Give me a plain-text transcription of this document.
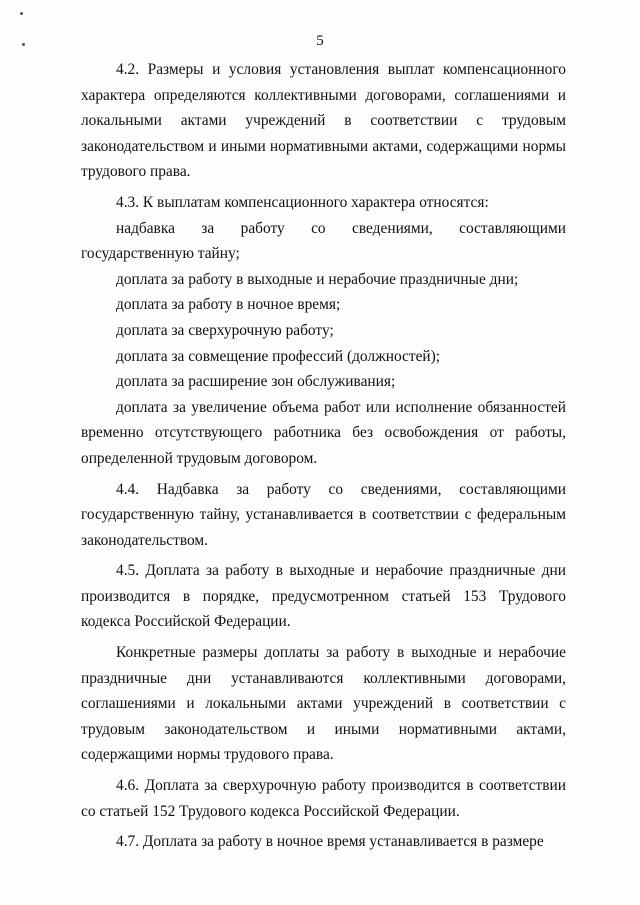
5

4.2. Размеры и условия установления выплат компенсационного характера определяются коллективными договорами, соглашениями и локальными актами учреждений в соответствии с трудовым законодательством и иными нормативными актами, содержащими нормы трудового права.

4.3. К выплатам компенсационного характера относятся:

надбавка за работу со сведениями, составляющими государственную тайну;

доплата за работу в выходные и нерабочие праздничные дни;

доплата за работу в ночное время;

доплата за сверхурочную работу;

доплата за совмещение профессий (должностей);

доплата за расширение зон обслуживания;

доплата за увеличение объема работ или исполнение обязанностей временно отсутствующего работника без освобождения от работы, определенной трудовым договором.

4.4. Надбавка за работу со сведениями, составляющими государственную тайну, устанавливается в соответствии с федеральным законодательством.

4.5. Доплата за работу в выходные и нерабочие праздничные дни производится в порядке, предусмотренном статьей 153 Трудового кодекса Российской Федерации.

Конкретные размеры доплаты за работу в выходные и нерабочие праздничные дни устанавливаются коллективными договорами, соглашениями и локальными актами учреждений в соответствии с трудовым законодательством и иными нормативными актами, содержащими нормы трудового права.

4.6. Доплата за сверхурочную работу производится в соответствии со статьей 152 Трудового кодекса Российской Федерации.

4.7. Доплата за работу в ночное время устанавливается в размере
